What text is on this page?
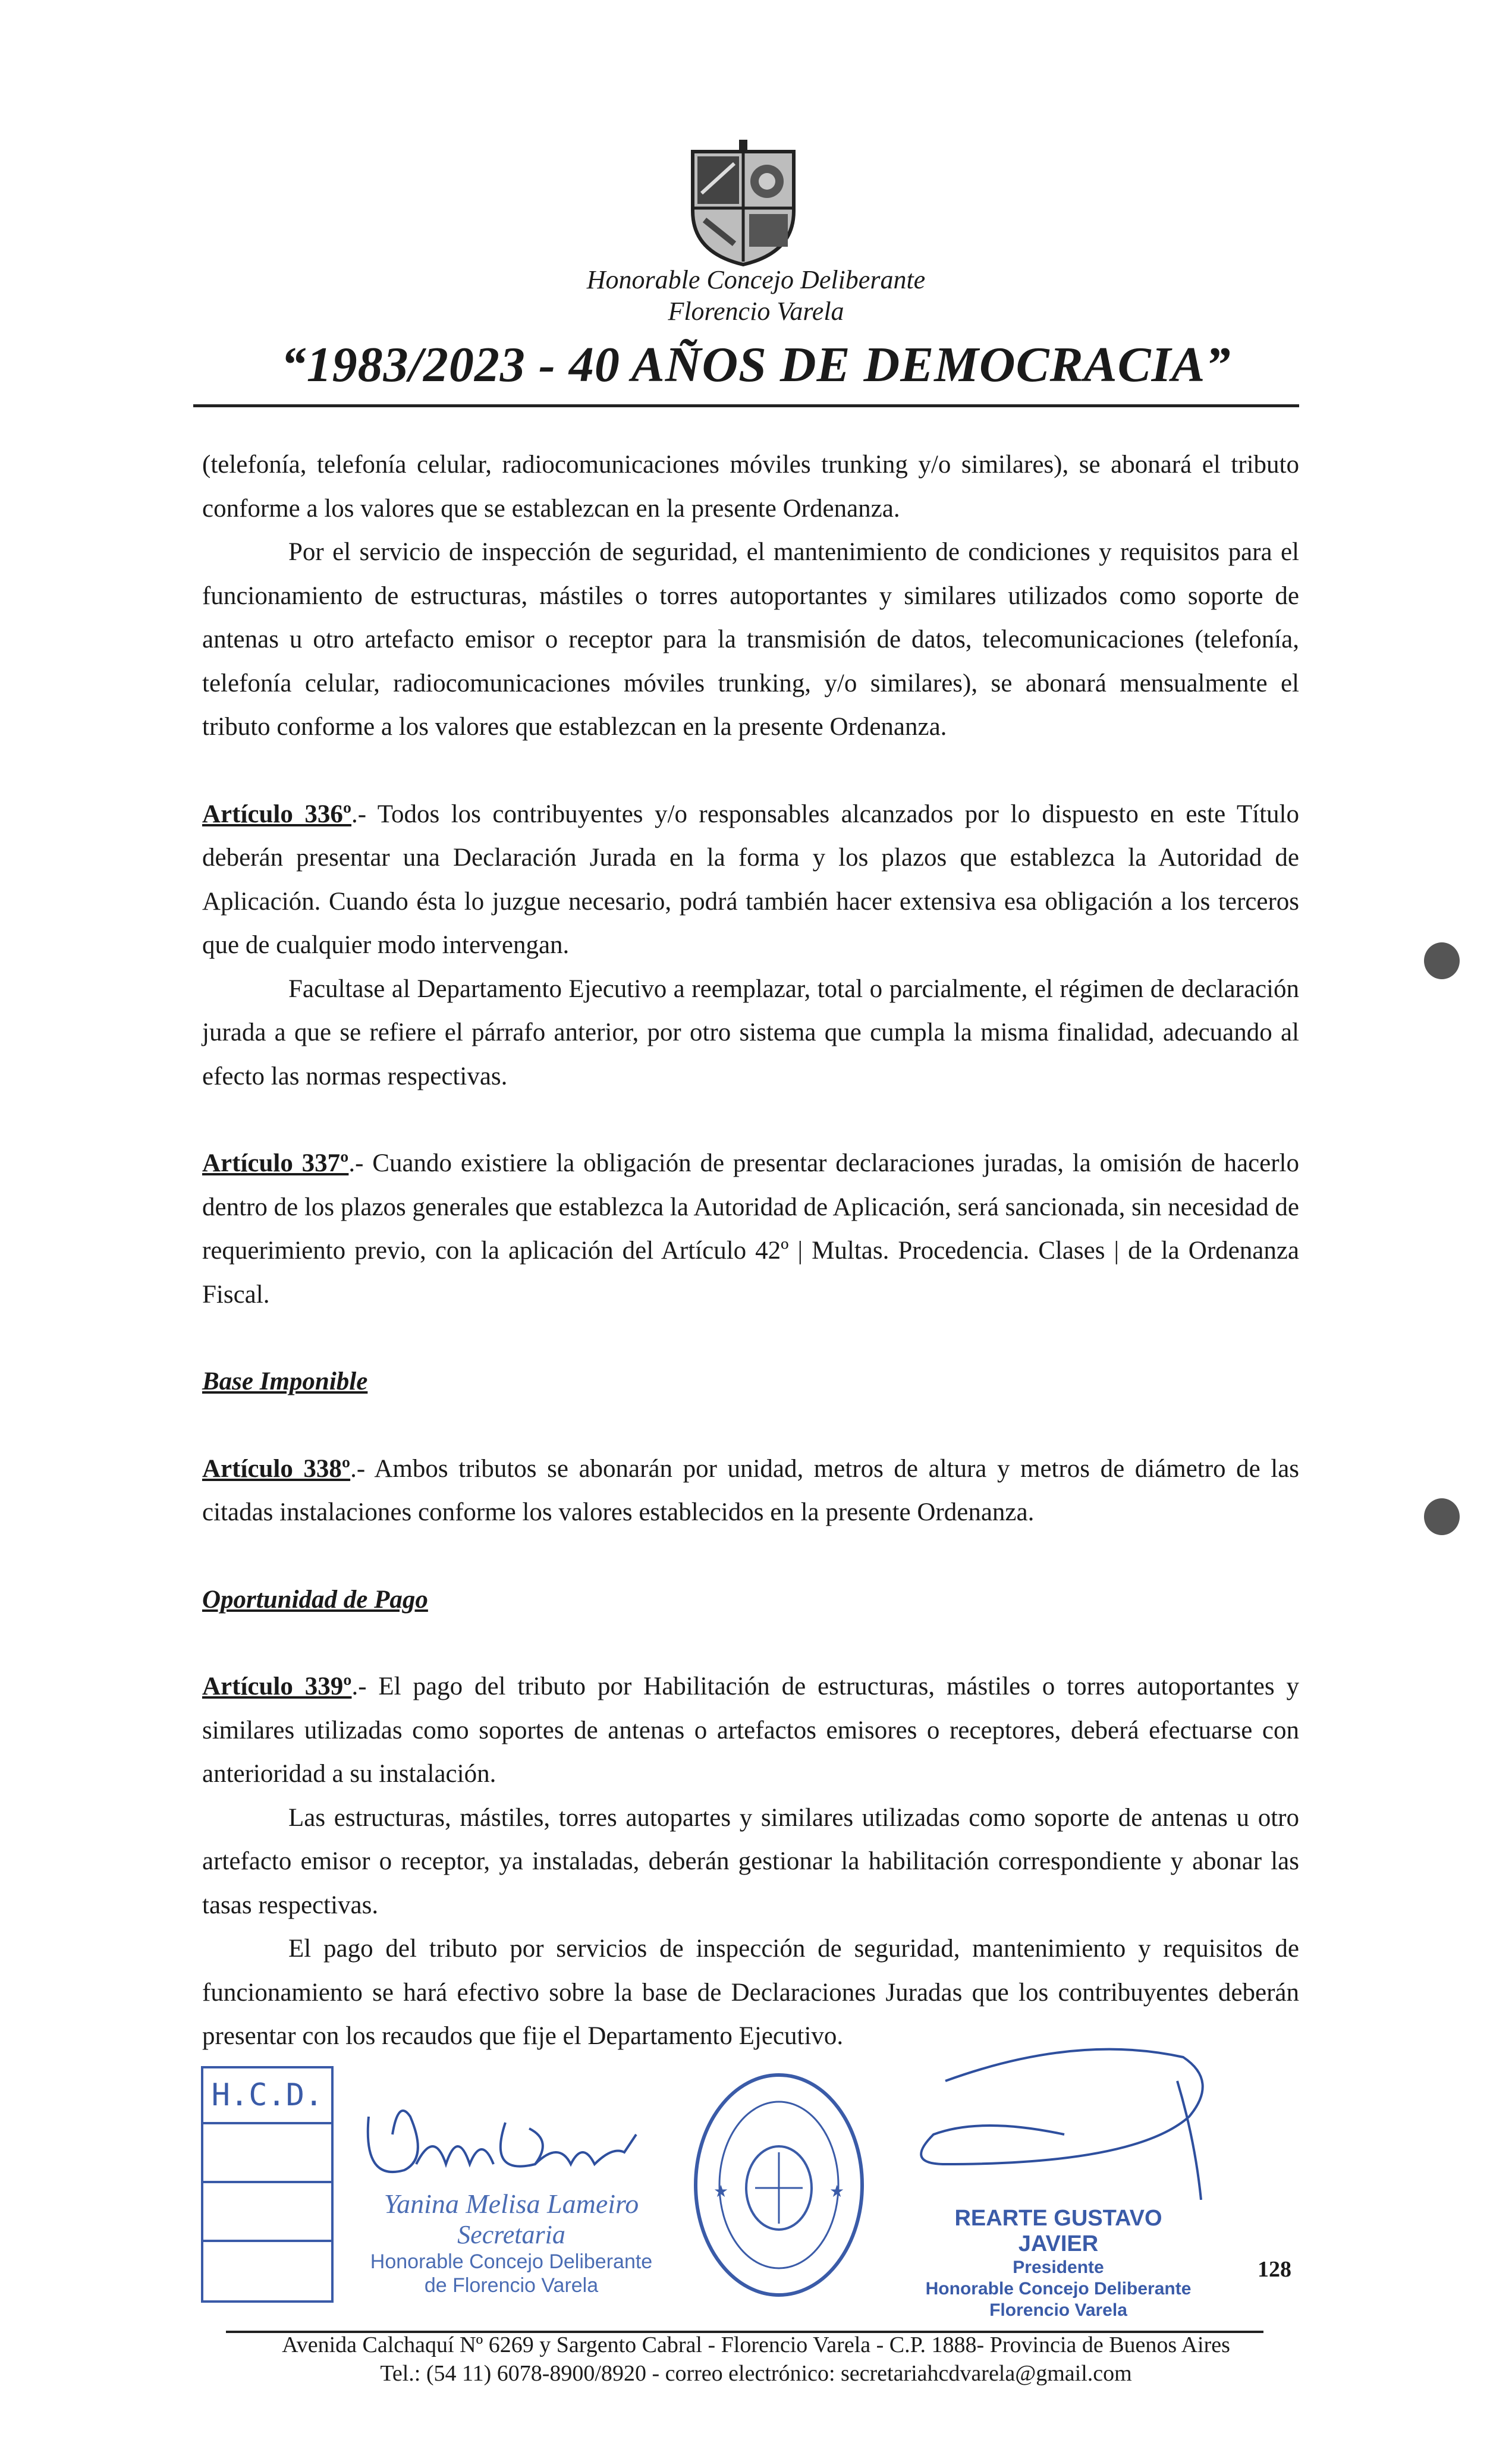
Honorable Concejo Deliberante
Florencio Varela
“1983/2023 - 40 AÑOS DE DEMOCRACIA”

(telefonía, telefonía celular, radiocomunicaciones móviles trunking y/o similares), se abonará el tributo conforme a los valores que se establezcan en la presente Ordenanza.

Por el servicio de inspección de seguridad, el mantenimiento de condiciones y requisitos para el funcionamiento de estructuras, mástiles o torres autoportantes y similares utilizados como soporte de antenas u otro artefacto emisor o receptor para la transmisión de datos, telecomunicaciones (telefonía, telefonía celular, radiocomunicaciones móviles trunking, y/o similares), se abonará mensualmente el tributo conforme a los valores que establezcan en la presente Ordenanza.

Artículo 336º.- Todos los contribuyentes y/o responsables alcanzados por lo dispuesto en este Título deberán presentar una Declaración Jurada en la forma y los plazos que establezca la Autoridad de Aplicación. Cuando ésta lo juzgue necesario, podrá también hacer extensiva esa obligación a los terceros que de cualquier modo intervengan.

Facultase al Departamento Ejecutivo a reemplazar, total o parcialmente, el régimen de declaración jurada a que se refiere el párrafo anterior, por otro sistema que cumpla la misma finalidad, adecuando al efecto las normas respectivas.

Artículo 337º.- Cuando existiere la obligación de presentar declaraciones juradas, la omisión de hacerlo dentro de los plazos generales que establezca la Autoridad de Aplicación, será sancionada, sin necesidad de requerimiento previo, con la aplicación del Artículo 42º | Multas. Procedencia. Clases | de la Ordenanza Fiscal.

Base Imponible

Artículo 338º.- Ambos tributos se abonarán por unidad, metros de altura y metros de diámetro de las citadas instalaciones conforme los valores establecidos en la presente Ordenanza.

Oportunidad de Pago

Artículo 339º.- El pago del tributo por Habilitación de estructuras, mástiles o torres autoportantes y similares utilizadas como soportes de antenas o artefactos emisores o receptores, deberá efectuarse con anterioridad a su instalación.

Las estructuras, mástiles, torres autopartes y similares utilizadas como soporte de antenas u otro artefacto emisor o receptor, ya instaladas, deberán gestionar la habilitación correspondiente y abonar las tasas respectivas.

El pago del tributo por servicios de inspección de seguridad, mantenimiento y requisitos de funcionamiento se hará efectivo sobre la base de Declaraciones Juradas que los contribuyentes deberán presentar con los recaudos que fije el Departamento Ejecutivo.

H.C.D.
Yanina Melisa Lameiro
Secretaria
Honorable Concejo Deliberante
de Florencio Varela
★	★
REARTE GUSTAVO JAVIER
Presidente
Honorable Concejo Deliberante
Florencio Varela
128
Avenida Calchaquí Nº 6269 y Sargento Cabral - Florencio Varela - C.P. 1888- Provincia de Buenos Aires
Tel.: (54 11) 6078-8900/8920 - correo electrónico: secretariahcdvarela@gmail.com
